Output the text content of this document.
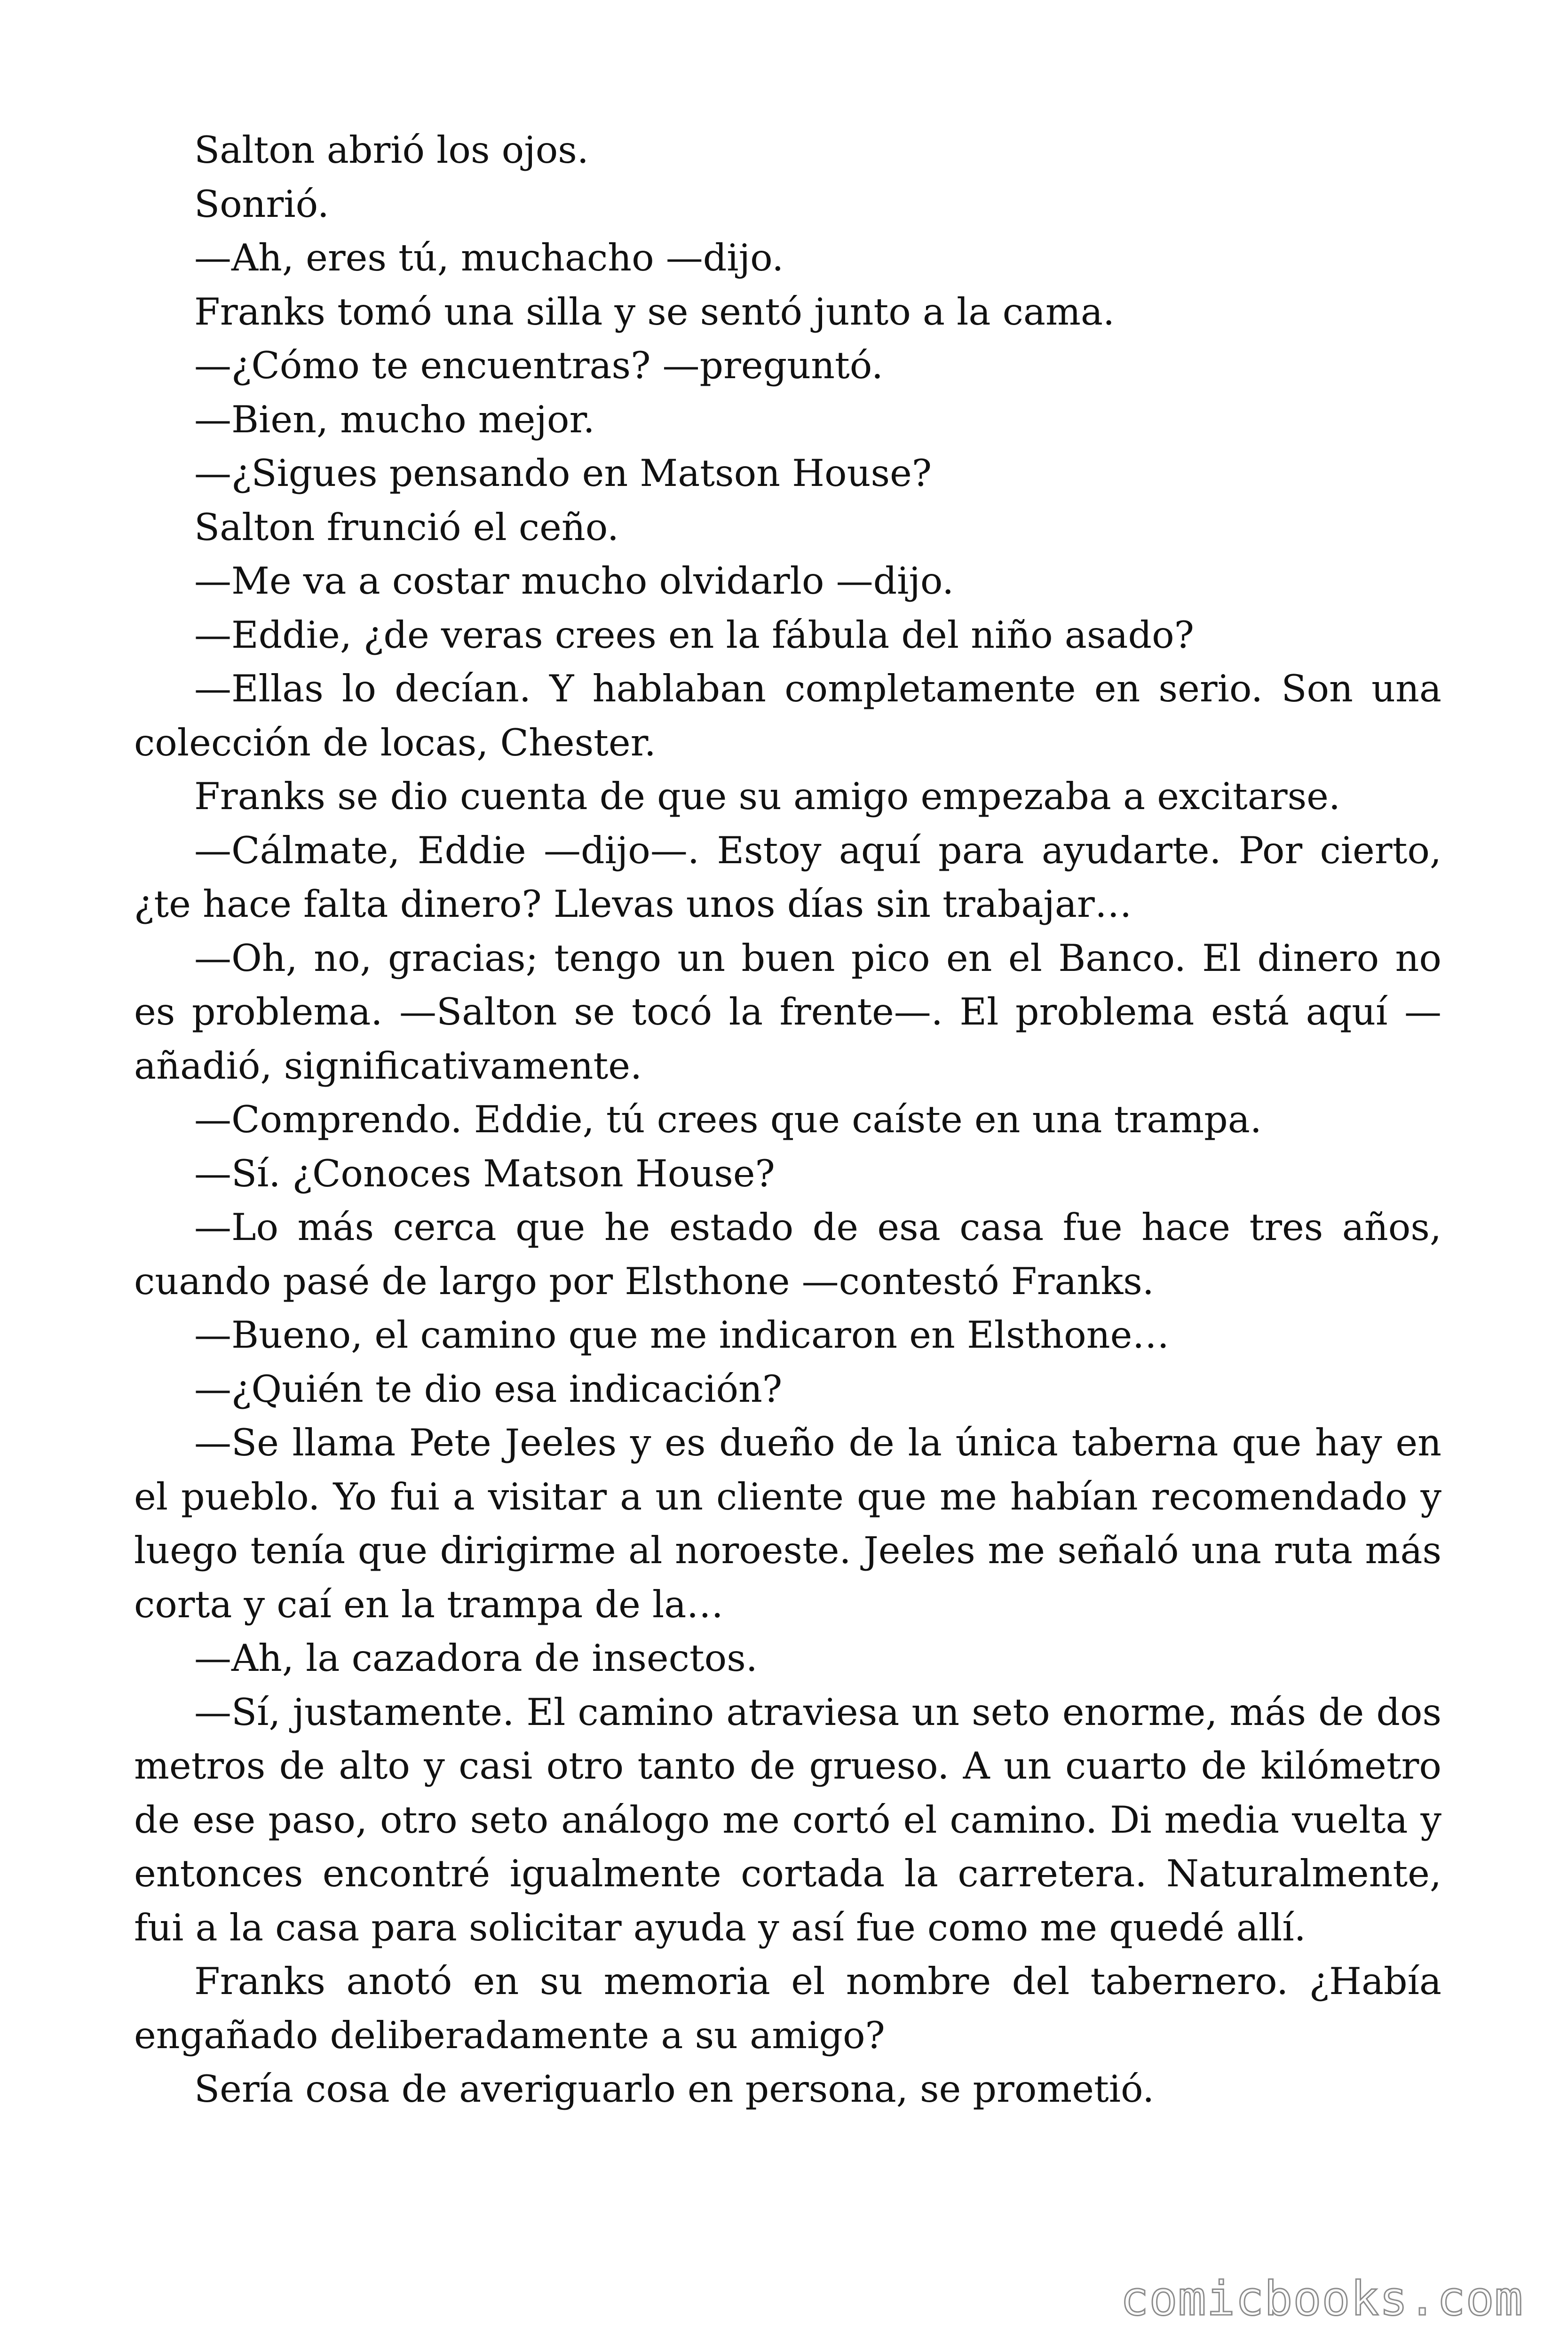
Salton abrió los ojos.

Sonrió.

—Ah, eres tú, muchacho —dijo.

Franks tomó una silla y se sentó junto a la cama.

—¿Cómo te encuentras? —preguntó.

—Bien, mucho mejor.

—¿Sigues pensando en Matson House?

Salton frunció el ceño.

—Me va a costar mucho olvidarlo —dijo.

—Eddie, ¿de veras crees en la fábula del niño asado?

—Ellas lo decían. Y hablaban completamente en serio. Son una colección de locas, Chester.

Franks se dio cuenta de que su amigo empezaba a excitarse.

—Cálmate, Eddie —dijo—. Estoy aquí para ayudarte. Por cierto, ¿te hace falta dinero? Llevas unos días sin trabajar…

—Oh, no, gracias; tengo un buen pico en el Banco. El dinero no es problema. —Salton se tocó la frente—. El problema está aquí —añadió, significativamente.

—Comprendo. Eddie, tú crees que caíste en una trampa.

—Sí. ¿Conoces Matson House?

—Lo más cerca que he estado de esa casa fue hace tres años, cuando pasé de largo por Elsthone —contestó Franks.

—Bueno, el camino que me indicaron en Elsthone…

—¿Quién te dio esa indicación?

—Se llama Pete Jeeles y es dueño de la única taberna que hay en el pueblo. Yo fui a visitar a un cliente que me habían recomendado y luego tenía que dirigirme al noroeste. Jeeles me señaló una ruta más corta y caí en la trampa de la…

—Ah, la cazadora de insectos.

—Sí, justamente. El camino atraviesa un seto enorme, más de dos metros de alto y casi otro tanto de grueso. A un cuarto de kilómetro de ese paso, otro seto análogo me cortó el camino. Di media vuelta y entonces encontré igualmente cortada la carretera. Naturalmente, fui a la casa para solicitar ayuda y así fue como me quedé allí.

Franks anotó en su memoria el nombre del tabernero. ¿Había engañado deliberadamente a su amigo?

Sería cosa de averiguarlo en persona, se prometió.

comicbooks.com
